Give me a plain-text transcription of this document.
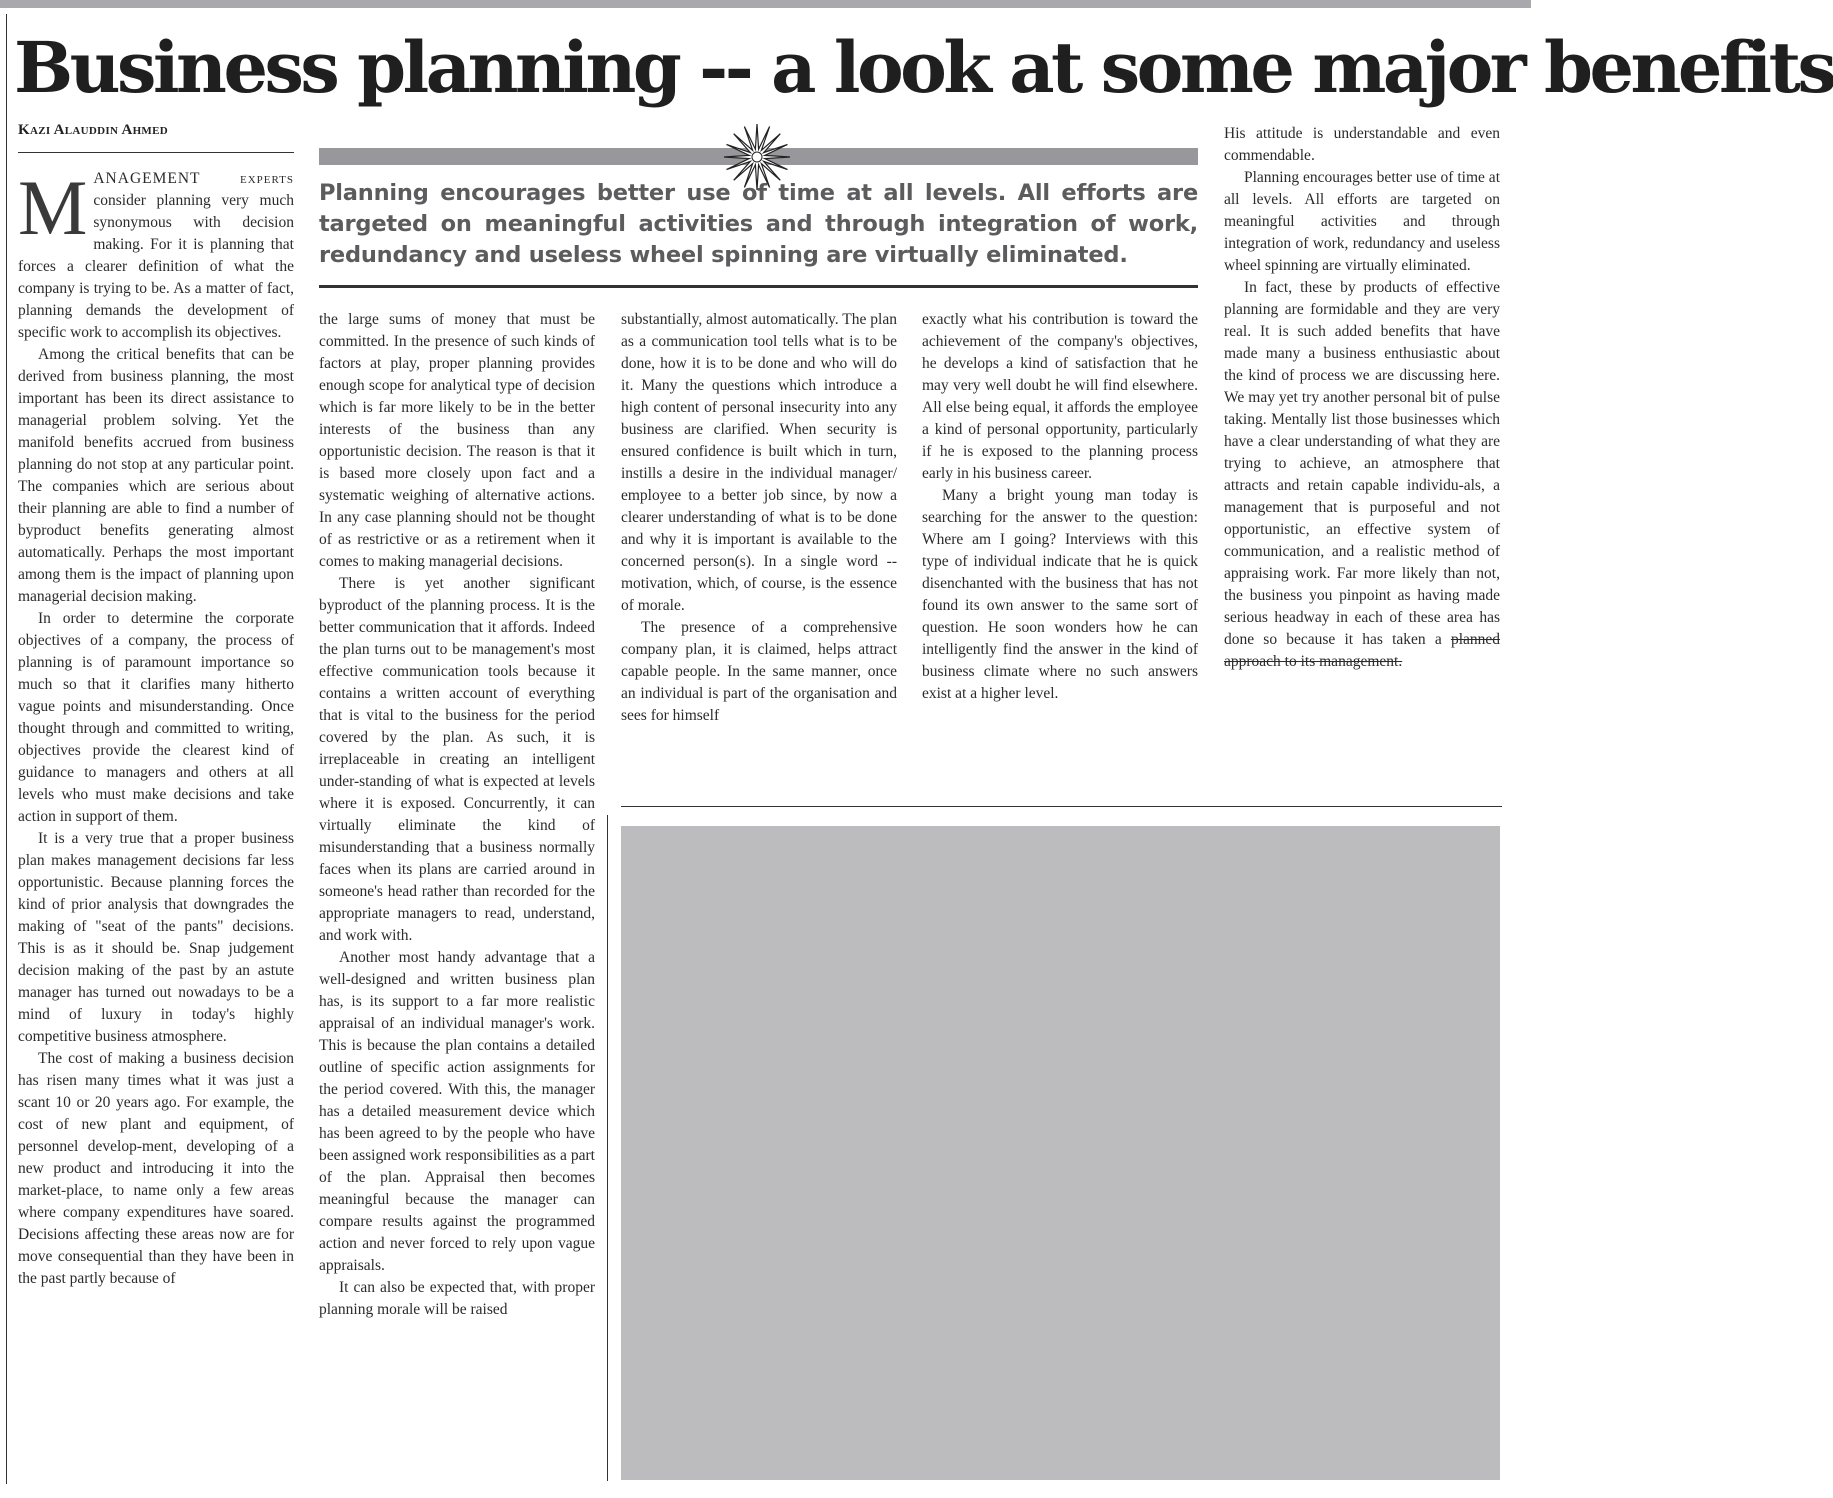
Business planning -- a look at some major benefits
Kazi Alauddin Ahmed

MANAGEMENT experts consider planning very much synonymous with decision making. For it is planning that forces a clearer definition of what the company is trying to be. As a matter of fact, planning demands the development of specific work to accomplish its objectives.

Among the critical benefits that can be derived from business planning, the most important has been its direct assistance to managerial problem solving. Yet the manifold benefits accrued from business planning do not stop at any particular point. The companies which are serious about their planning are able to find a number of byproduct benefits generating almost automatically. Perhaps the most important among them is the impact of planning upon managerial decision making.

In order to determine the corporate objectives of a company, the process of planning is of paramount importance so much so that it clarifies many hitherto vague points and misunderstanding. Once thought through and committed to writing, objectives provide the clearest kind of guidance to managers and others at all levels who must make decisions and take action in support of them.

It is a very true that a proper business plan makes management decisions far less opportunistic. Because planning forces the kind of prior analysis that downgrades the making of "seat of the pants" decisions. This is as it should be. Snap judgement decision making of the past by an astute manager has turned out nowadays to be a mind of luxury in today's highly competitive business atmosphere.

The cost of making a business decision has risen many times what it was just a scant 10 or 20 years ago. For example, the cost of new plant and equipment, of personnel develop-ment, developing of a new product and introducing it into the market-place, to name only a few areas where company expenditures have soared. Decisions affecting these areas now are for move consequential than they have been in the past partly because of

Planning encourages better use of time at all levels. All efforts are targeted on meaningful activities and through integration of work, redundancy and useless wheel spinning are virtually eliminated.

the large sums of money that must be committed. In the presence of such kinds of factors at play, proper planning provides enough scope for analytical type of decision which is far more likely to be in the better interests of the business than any opportunistic decision. The reason is that it is based more closely upon fact and a systematic weighing of alternative actions. In any case planning should not be thought of as restrictive or as a retirement when it comes to making managerial decisions.

There is yet another significant byproduct of the planning process. It is the better communication that it affords. Indeed the plan turns out to be management's most effective communication tools because it contains a written account of everything that is vital to the business for the period covered by the plan. As such, it is irreplaceable in creating an intelligent under-standing of what is expected at levels where it is exposed. Concurrently, it can virtually eliminate the kind of misunderstanding that a business normally faces when its plans are carried around in someone's head rather than recorded for the appropriate managers to read, understand, and work with.

Another most handy advantage that a well-designed and written business plan has, is its support to a far more realistic appraisal of an individual manager's work. This is because the plan contains a detailed outline of specific action assignments for the period covered. With this, the manager has a detailed measurement device which has been agreed to by the people who have been assigned work responsibilities as a part of the plan. Appraisal then becomes meaningful because the manager can compare results against the programmed action and never forced to rely upon vague appraisals.

It can also be expected that, with proper planning morale will be raised

substantially, almost automatically. The plan as a communication tool tells what is to be done, how it is to be done and who will do it. Many the questions which introduce a high content of personal insecurity into any business are clarified. When security is ensured confidence is built which in turn, instills a desire in the individual manager/ employee to a better job since, by now a clearer understanding of what is to be done and why it is important is available to the concerned person(s). In a single word -- motivation, which, of course, is the essence of morale.

The presence of a comprehensive company plan, it is claimed, helps attract capable people. In the same manner, once an individual is part of the organisation and sees for himself

exactly what his contribution is toward the achievement of the company's objectives, he develops a kind of satisfaction that he may very well doubt he will find elsewhere. All else being equal, it affords the employee a kind of personal opportunity, particularly if he is exposed to the planning process early in his business career.

Many a bright young man today is searching for the answer to the question: Where am I going? Interviews with this type of individual indicate that he is quick disenchanted with the business that has not found its own answer to the same sort of question. He soon wonders how he can intelligently find the answer in the kind of business climate where no such answers exist at a higher level.

His attitude is understandable and even commendable.

Planning encourages better use of time at all levels. All efforts are targeted on meaningful activities and through integration of work, redundancy and useless wheel spinning are virtually eliminated.

In fact, these by products of effective planning are formidable and they are very real. It is such added benefits that have made many a business enthusiastic about the kind of process we are discussing here. We may yet try another personal bit of pulse taking. Mentally list those businesses which have a clear understanding of what they are trying to achieve, an atmosphere that attracts and retain capable individu-als, a management that is purposeful and not opportunistic, an effective system of communication, and a realistic method of appraising work. Far more likely than not, the business you pinpoint as having made serious headway in each of these area has done so because it has taken a planned approach to its management.
